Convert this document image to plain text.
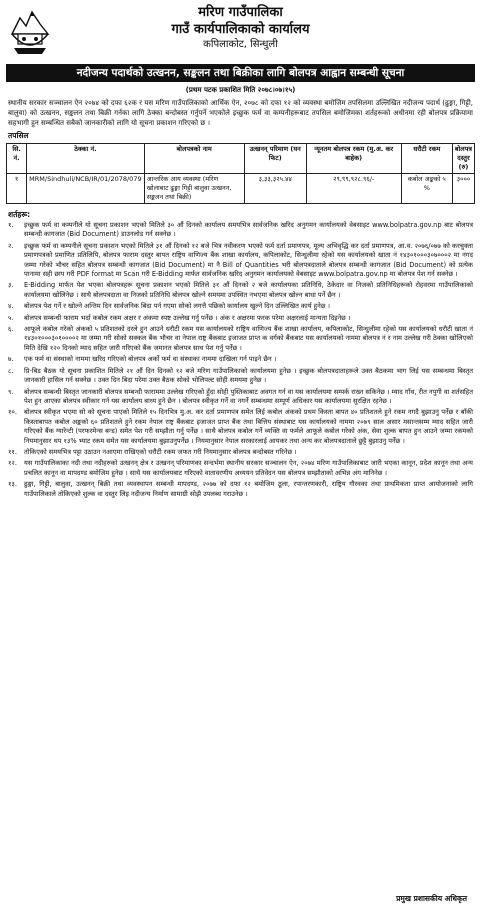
मरिण गाउँपालिका
गाउँ कार्यपालिकाको कार्यालय
कपिलाकोट, सिन्धुली
नदीजन्य पदार्थको उत्खनन, सङ्कलन तथा बिक्रीका लागि बोलपत्र आह्वान सम्बन्धी सूचना
(प्रथम पटक प्रकाशित मिति २०७८।०७।१५)
स्थानीय सरकार सञ्चालन ऐन २०७४ को दफा ६२क र यस मरिण गाउँपालिकाको आर्थिक ऐन, २०७८ को दफा १२ को व्यवस्था बमोजिम तपसिलमा उल्लिखित नदीजन्य पदार्थ (ढुङ्गा, गिट्टी, बालुवा) को उत्खनन, सङ्कलन तथा बिक्री गर्नका लागि ठेक्का बन्दोबस्त गर्नुपर्ने भएकोले इच्छुक फर्म वा कम्पनीहरूबाट तपसिल बमोजिमका शर्तहरूको अधीनमा रही बोलपत्र प्रक्रियामा सहभागी हुन सम्बन्धित सबैको जानकारीको लागि यो सूचना प्रकाशन गरिएको छ ।
तपसिल
सि. नं.	ठेक्का नं.	बोलपत्रको नाम	उत्खनन् परिमाण (घन फिट)	न्यूनतम बोलपत्र रकम (मु.अ. कर बाहेक)	धरौटी रकम	बोलपत्र दस्तुर (रु)
१	MRM/Sindhuli/NCB/IR/01/2078/079	आन्तरिक आय व्यवस्था (मरिण खोलाबाट ढुङ्गा गिट्टी बालुवा उत्खनन, सङ्कलन तथा बिक्री)	३,३३,३२५.४४	२९,९९,९२८.९६/-	कबोल अङ्कको ५ %	३०००
शर्तहरू:
१.	इच्छुक फर्म वा कम्पनीले यो सूचना प्रकाशन भएको मितिले ३० औं दिनको कार्यालय समयभित्र सार्वजनिक खरिद अनुगमन कार्यालयको वेबसाइट www.bolpatra.gov.np बाट बोलपत्र सम्बन्धी कागजात (Bid Document) डाउनलोड गर्न सक्नेछ ।
२.	इच्छुक फर्म वा कम्पनीले सूचना प्रकाशन भएको मितिले ३१ औं दिनको १२ बजे भित्र नवीकरण भएको फर्म दर्ता प्रमाणपत्र, मूल्य अभिवृद्धि कर दर्ता प्रमाणपत्र, आ.व. २०७६/०७७ को करचुक्ता प्रमाणपत्रको प्रमाणित प्रतिलिपि, बोलपत्र फाराम दस्तुर बापत राष्ट्रिय वाणिज्य बैंक शाखा कार्यालय, कपिलाकोट, सिन्धुलीमा रहेको यस कार्यालयको खाता नं १४३०१०००३०७०००२ मा नगद जम्मा गरेको भौचर सहित बोलपत्र सम्बन्धी कागजात (Bid Document) मा नै Bill of Quantities भरी बोलपत्रदाताले बोलपत्र सम्बन्धी कागजात (Bid Document) को प्रत्येक पानामा सही छाप गरी PDF format मा Scan गरी E-Bidding मार्फत सार्वजनिक खरिद अनुगमन कार्यालयको वेबसाइट www.bolpatra.gov.np मा बोलपत्र पेश गर्न सक्नेछ ।
३.	E-Bidding मार्फत पेश भएका बोलपत्रहरू सूचना प्रकाशन भएको मितिले ३१ औं दिनको २ बजे कार्यालयका प्रतिनिधि, ठेकेदार वा निजको प्रतिनिधिहरूको रोहवरमा गाउँपालिकाको कार्यालयमा खोलिनेछ । साथै बोलपत्रदाता वा निजको प्रतिनिधि बोलपत्र खोल्ने समयमा उपस्थित नभएमा बोलपत्र खोल्न बाधा पर्ने छैन ।
४.	बोलपत्र पेश गर्ने र खोल्ने अन्तिम दिन सार्वजनिक बिदा पर्न गएमा सोको लगत्तै पछिको कार्यालय खुल्ने दिन उल्लिखित कार्य हुनेछ ।
५.	बोलपत्र सम्बन्धी फाराम भर्दा कबोल रकम अक्षर र अंकमा स्पष्ट उल्लेख गर्नु पर्नेछ । अंक र अक्षरमा फरक परेमा अक्षरलाई मान्यता दिइनेछ ।
६.	आफूले कबोल गरेको अंकको ५ प्रतिशतको दरले हुन आउने धरौटी रकम यस कार्यालयको राष्ट्रिय वाणिज्य बैंक शाखा कार्यालय, कपिलाकोट, सिन्धुलीमा रहेको यस कार्यालयको धरौटी खाता नं १४३०१०००३०१००००२ मा जम्मा गरी सोको सक्कल बैंक भौचर वा नेपाल राष्ट्र बैंकबाट इजाजत प्राप्त क वर्गको बैंकबाट यस कार्यालयको नाममा बोलपत्र नं र नाम उल्लेख गरी ठेक्का खोलिएको मिति देखि १२० दिनको म्याद सहित जारी गरिएको बैंक जमानत बोलपत्र साथ पेश गर्नु पर्नेछ ।
७.	एक फर्म वा संस्थाको नाममा खरिद गरिएको बोलपत्र अर्को फर्म वा संस्थाका नाममा दाखिला गर्न पाइने छैन ।
८.	प्रि-बिड बैठक यो सूचना प्रकाशित मितिले २१ औं दिन दिनको १२ बजे मरिण गाउँपालिकाको कार्यालयमा हुनेछ । इच्छुक बोलपत्रदाताहरूले उक्त बैठकमा भाग लिई यस सम्बन्धमा बिस्तृत जानकारी हासिल गर्न सक्नेछ । उक्त दिन बिदा परेमा उक्त बैठक सोको भोलिपल्ट सोही समयमा हुनेछ ।
९.	बोलपत्र सम्बन्धी बिस्तृत जानकारी बोलपत्र सम्बन्धी फाराममा उल्लेख गरिएको हुँदा सोही पुस्तिकाबाट अवगत गर्न वा यस कार्यालयमा सम्पर्क राख्न सकिनेछ । म्याद गाँथ, रीत नपुगी वा शर्तसहित पेश हुन आएका बोलपत्र स्वीकार गर्न यस कार्यालय बाध्य हुने छैन । बोलपत्र स्वीकृत गर्ने वा नगर्ने सम्बन्धमा सम्पूर्ण अधिकार यस कार्यालयमा सुरक्षित रहनेछ ।
१०.	बोलपत्र स्वीकृत भएमा सो को सूचना पाएको मितिले १५ दिनभित्र मु.अ. कर दर्ता प्रमाणपत्र समेत लिई कबोल अंकको प्रथम किस्ता बापत ४० प्रतिशतले हुने रकम नगदै बुझाउनु पर्नेछ र बाँकी किस्ताबापत कबोल अङ्कको ६० प्रतिशतले हुने रकम नेपाल राष्ट्र बैंकबाट इजाजत प्राप्त बैंक तथा बित्तिय संस्थाबाट यस कार्यालयको नाममा २०७९ साल असार मसान्तसम्म म्याद सहित जारी गरिएको बैंक ग्यारेन्टी (परफरमेन्स बन्ड) समेत पेश गरी सम्झौता गर्नु पर्नेछ । साथै बोलपत्र कबोल गर्ने व्यक्ति वा फर्मले आफूले कबोल गरेको अंक, सेवा शुल्क बापत हुन आउने जम्मा रकमको नियमानुसार थप १३% भ्याट रकम समेत यस कार्यालयमा बुझाउनुपर्नेछ । नियमानुसार नेपाल सरकारलाई आयकर तथा अन्य कर बोलपत्रदाताले छुट्टै बुझाउनु पर्नेछ ।
११.	तोकिएको समयभित्र पट्टा उठाउन नआएमा राखिएको धरौटी रकम जफत गरी नियमानुसार बोलपत्र बन्दोबस्त गरिनेछ ।
१२.	यस गाउँपालिकाका नदी तथा नदीहरुको उत्खनन् क्षेत्र र उत्खनन् परिमाणका सन्दर्भमा स्थानीय सरकार सञ्चालन ऐन, २०७४ मरिण गाउँपालिकाबाट जारी भएका कानून, प्रदेश कानून तथा अन्य प्रचलित कानून वा मापदण्ड बमोजिम हुनेछ । साथै यस कार्यालयबाट गरिएको वातावरणीय अध्ययन प्रतिवेदन यस बोलपत्र सम्झौताको अभिन्न अंग मानिनेछ ।
१३.	ढुङ्गा, गिट्टी, बालुवा, उत्खनन् बिक्री तथा व्यवस्थापन सम्बन्धी मापदण्ड, २०७७ को दफा १२ बमोजिम ठूला, रपान्तरणकारी, राष्ट्रिय गौरवका तथा प्राथमिकता प्राप्त आयोजनाको लागि गाउँपालिकाले तोकिएको शुल्क वा दस्तुर लिइ नदीजन्य निर्माण सामाग्री सोझै उपलब्ध गराउनेछ ।
प्रमुख प्रशासकीय अधिकृत
